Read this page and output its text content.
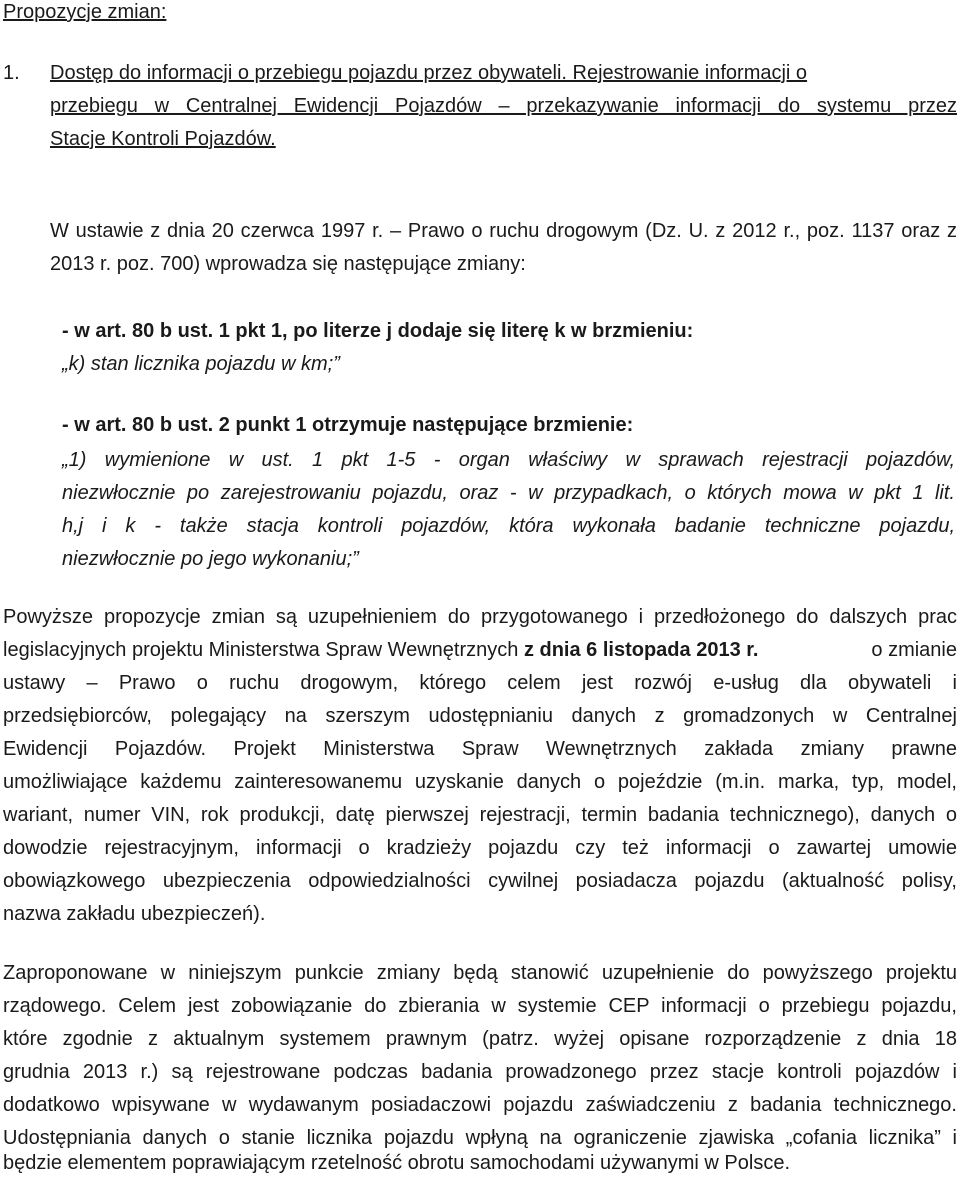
Propozycje zmian:
1. Dostęp do informacji o przebiegu pojazdu przez obywateli. Rejestrowanie informacji o
przebiegu w Centralnej Ewidencji Pojazdów – przekazywanie informacji do systemu przez
Stacje Kontroli Pojazdów.
W ustawie z dnia 20 czerwca 1997 r. – Prawo o ruchu drogowym (Dz. U. z 2012 r., poz. 1137 oraz z
2013 r. poz. 700) wprowadza się następujące zmiany:
- w art. 80 b ust. 1 pkt 1, po literze j dodaje się literę k w brzmieniu:
„k) stan licznika pojazdu w km;”
- w art. 80 b ust. 2 punkt 1 otrzymuje następujące brzmienie:
„1) wymienione w ust. 1 pkt 1-5 - organ właściwy w sprawach rejestracji pojazdów,
niezwłocznie po zarejestrowaniu pojazdu, oraz - w przypadkach, o których mowa w pkt 1 lit.
h,j i k - także stacja kontroli pojazdów, która wykonała badanie techniczne pojazdu,
niezwłocznie po jego wykonaniu;”
Powyższe propozycje zmian są uzupełnieniem do przygotowanego i przedłożonego do dalszych prac
legislacyjnych projektu Ministerstwa Spraw Wewnętrznych z dnia 6 listopada 2013 r.	o zmianie
ustawy – Prawo o ruchu drogowym, którego celem jest rozwój e-usług dla obywateli i
przedsiębiorców, polegający na szerszym udostępnianiu danych z gromadzonych w Centralnej
Ewidencji Pojazdów. Projekt Ministerstwa Spraw Wewnętrznych zakłada zmiany prawne
umożliwiające każdemu zainteresowanemu uzyskanie danych o pojeździe (m.in. marka, typ, model,
wariant, numer VIN, rok produkcji, datę pierwszej rejestracji, termin badania technicznego), danych o
dowodzie rejestracyjnym, informacji o kradzieży pojazdu czy też informacji o zawartej umowie
obowiązkowego ubezpieczenia odpowiedzialności cywilnej posiadacza pojazdu (aktualność polisy,
nazwa zakładu ubezpieczeń).
Zaproponowane w niniejszym punkcie zmiany będą stanowić uzupełnienie do powyższego projektu
rządowego. Celem jest zobowiązanie do zbierania w systemie CEP informacji o przebiegu pojazdu,
które zgodnie z aktualnym systemem prawnym (patrz. wyżej opisane rozporządzenie z dnia 18
grudnia 2013 r.) są rejestrowane podczas badania prowadzonego przez stacje kontroli pojazdów i
dodatkowo wpisywane w wydawanym posiadaczowi pojazdu zaświadczeniu z badania technicznego.
Udostępniania danych o stanie licznika pojazdu wpłyną na ograniczenie zjawiska „cofania licznika” i
będzie elementem poprawiającym rzetelność obrotu samochodami używanymi w Polsce.
